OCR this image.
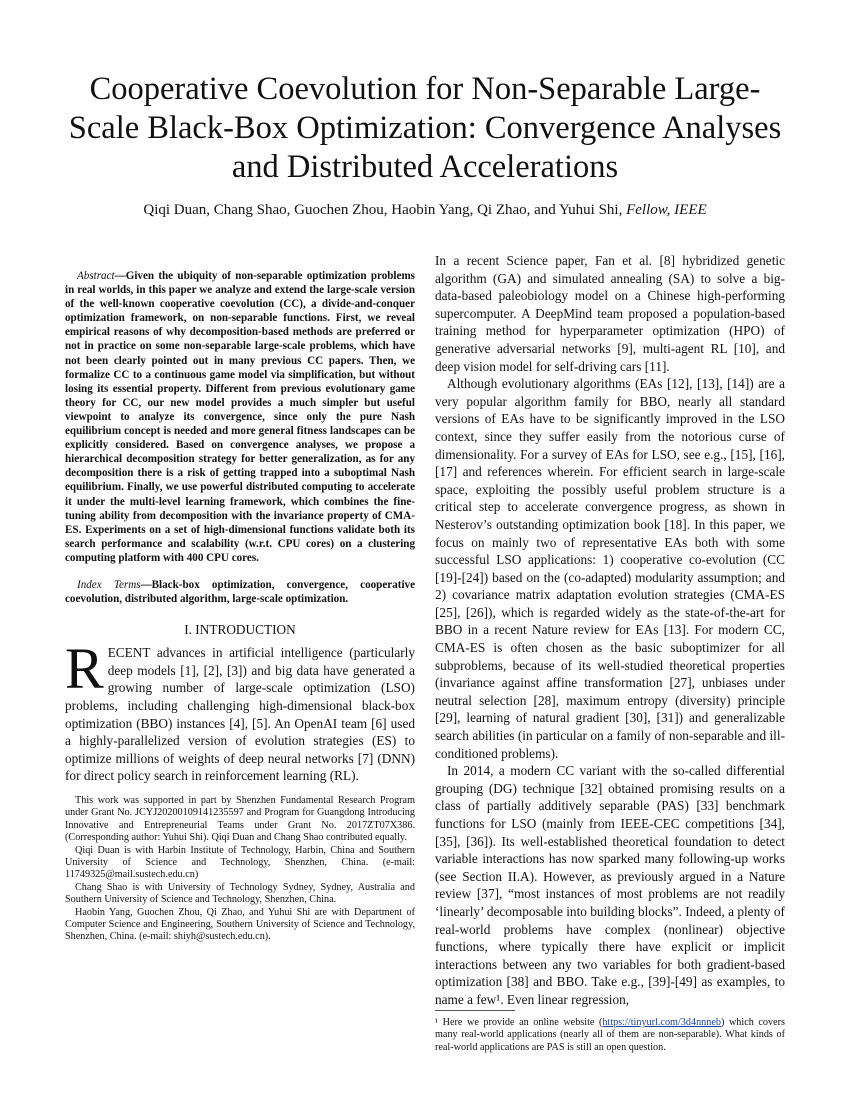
Cooperative Coevolution for Non-Separable Large-Scale Black-Box Optimization: Convergence Analyses and Distributed Accelerations
Qiqi Duan, Chang Shao, Guochen Zhou, Haobin Yang, Qi Zhao, and Yuhui Shi, Fellow, IEEE

Abstract—Given the ubiquity of non-separable optimization problems in real worlds, in this paper we analyze and extend the large-scale version of the well-known cooperative coevolution (CC), a divide-and-conquer optimization framework, on non-separable functions. First, we reveal empirical reasons of why decomposition-based methods are preferred or not in practice on some non-separable large-scale problems, which have not been clearly pointed out in many previous CC papers. Then, we formalize CC to a continuous game model via simplification, but without losing its essential property. Different from previous evolutionary game theory for CC, our new model provides a much simpler but useful viewpoint to analyze its convergence, since only the pure Nash equilibrium concept is needed and more general fitness landscapes can be explicitly considered. Based on convergence analyses, we propose a hierarchical decomposition strategy for better generalization, as for any decomposition there is a risk of getting trapped into a suboptimal Nash equilibrium. Finally, we use powerful distributed computing to accelerate it under the multi-level learning framework, which combines the fine-tuning ability from decomposition with the invariance property of CMA-ES. Experiments on a set of high-dimensional functions validate both its search performance and scalability (w.r.t. CPU cores) on a clustering computing platform with 400 CPU cores.

Index Terms—Black-box optimization, convergence, cooperative coevolution, distributed algorithm, large-scale optimization.

I. INTRODUCTION

RECENT advances in artificial intelligence (particularly deep models [1], [2], [3]) and big data have generated a growing number of large-scale optimization (LSO) problems, including challenging high-dimensional black-box optimization (BBO) instances [4], [5]. An OpenAI team [6] used a highly-parallelized version of evolution strategies (ES) to optimize millions of weights of deep neural networks [7] (DNN) for direct policy search in reinforcement learning (RL).

This work was supported in part by Shenzhen Fundamental Research Program under Grant No. JCYJ20200109141235597 and Program for Guangdong Introducing Innovative and Entrepreneurial Teams under Grant No. 2017ZT07X386. (Corresponding author: Yuhui Shi). Qiqi Duan and Chang Shao contributed equally.

Qiqi Duan is with Harbin Institute of Technology, Harbin, China and Southern University of Science and Technology, Shenzhen, China. (e-mail: 11749325@mail.sustech.edu.cn)

Chang Shao is with University of Technology Sydney, Sydney, Australia and Southern University of Science and Technology, Shenzhen, China.

Haobin Yang, Guochen Zhou, Qi Zhao, and Yuhui Shi are with Department of Computer Science and Engineering, Southern University of Science and Technology, Shenzhen, China. (e-mail: shiyh@sustech.edu.cn).

In a recent Science paper, Fan et al. [8] hybridized genetic algorithm (GA) and simulated annealing (SA) to solve a big-data-based paleobiology model on a Chinese high-performing supercomputer. A DeepMind team proposed a population-based training method for hyperparameter optimization (HPO) of generative adversarial networks [9], multi-agent RL [10], and deep vision model for self-driving cars [11].

Although evolutionary algorithms (EAs [12], [13], [14]) are a very popular algorithm family for BBO, nearly all standard versions of EAs have to be significantly improved in the LSO context, since they suffer easily from the notorious curse of dimensionality. For a survey of EAs for LSO, see e.g., [15], [16], [17] and references wherein. For efficient search in large-scale space, exploiting the possibly useful problem structure is a critical step to accelerate convergence progress, as shown in Nesterov’s outstanding optimization book [18]. In this paper, we focus on mainly two of representative EAs both with some successful LSO applications: 1) cooperative co-evolution (CC [19]-[24]) based on the (co-adapted) modularity assumption; and 2) covariance matrix adaptation evolution strategies (CMA-ES [25], [26]), which is regarded widely as the state-of-the-art for BBO in a recent Nature review for EAs [13]. For modern CC, CMA-ES is often chosen as the basic suboptimizer for all subproblems, because of its well-studied theoretical properties (invariance against affine transformation [27], unbiases under neutral selection [28], maximum entropy (diversity) principle [29], learning of natural gradient [30], [31]) and generalizable search abilities (in particular on a family of non-separable and ill-conditioned problems).

In 2014, a modern CC variant with the so-called differential grouping (DG) technique [32] obtained promising results on a class of partially additively separable (PAS) [33] benchmark functions for LSO (mainly from IEEE-CEC competitions [34], [35], [36]). Its well-established theoretical foundation to detect variable interactions has now sparked many following-up works (see Section II.A). However, as previously argued in a Nature review [37], “most instances of most problems are not readily ‘linearly’ decomposable into building blocks”. Indeed, a plenty of real-world problems have complex (nonlinear) objective functions, where typically there have explicit or implicit interactions between any two variables for both gradient-based optimization [38] and BBO. Take e.g., [39]-[49] as examples, to name a few¹. Even linear regression,

¹ Here we provide an online website (https://tinyurl.com/3d4nnneb) which covers many real-world applications (nearly all of them are non-separable). What kinds of real-world applications are PAS is still an open question.
